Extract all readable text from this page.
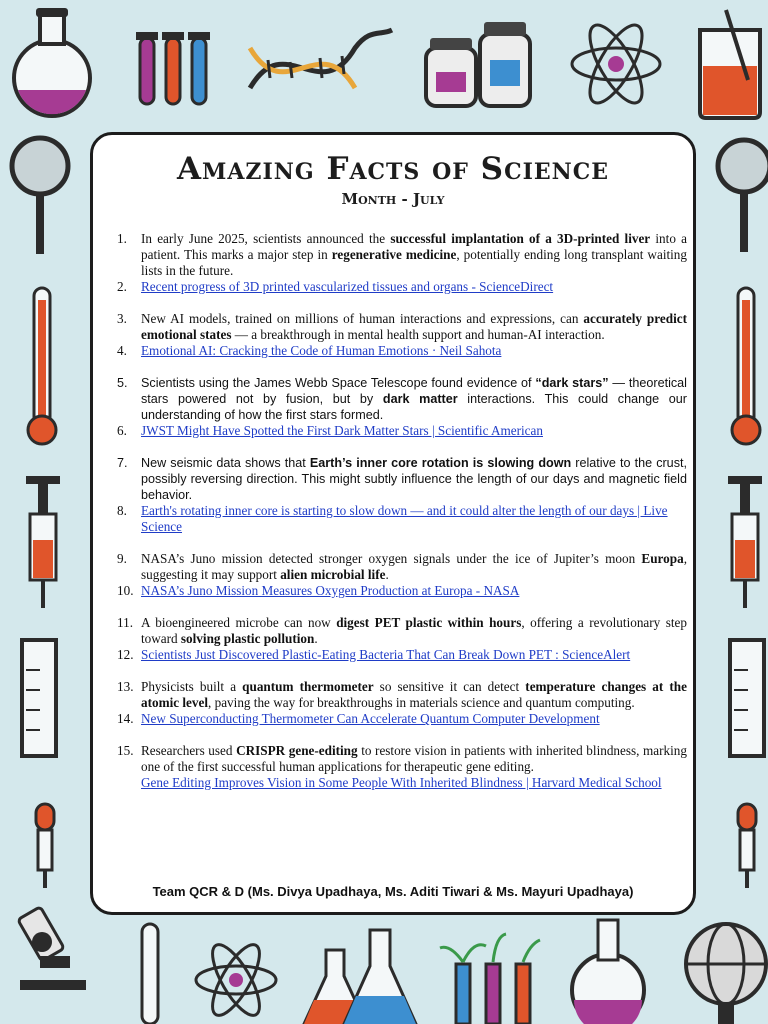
Amazing Facts of Science
Month - July
1. In early June 2025, scientists announced the successful implantation of a 3D-printed liver into a patient. This marks a major step in regenerative medicine, potentially ending long transplant waiting lists in the future.
2. Recent progress of 3D printed vascularized tissues and organs - ScienceDirect
3. New AI models, trained on millions of human interactions and expressions, can accurately predict emotional states — a breakthrough in mental health support and human-AI interaction.
4. Emotional AI: Cracking the Code of Human Emotions · Neil Sahota
5. Scientists using the James Webb Space Telescope found evidence of “dark stars” — theoretical stars powered not by fusion, but by dark matter interactions. This could change our understanding of how the first stars formed.
6. JWST Might Have Spotted the First Dark Matter Stars | Scientific American
7. New seismic data shows that Earth’s inner core rotation is slowing down relative to the crust, possibly reversing direction. This might subtly influence the length of our days and magnetic field behavior.
8. Earth's rotating inner core is starting to slow down — and it could alter the length of our days | Live Science
9. NASA’s Juno mission detected stronger oxygen signals under the ice of Jupiter’s moon Europa, suggesting it may support alien microbial life.
10. NASA’s Juno Mission Measures Oxygen Production at Europa - NASA
11. A bioengineered microbe can now digest PET plastic within hours, offering a revolutionary step toward solving plastic pollution.
12. Scientists Just Discovered Plastic-Eating Bacteria That Can Break Down PET : ScienceAlert
13. Physicists built a quantum thermometer so sensitive it can detect temperature changes at the atomic level, paving the way for breakthroughs in materials science and quantum computing.
14. New Superconducting Thermometer Can Accelerate Quantum Computer Development
15. Researchers used CRISPR gene-editing to restore vision in patients with inherited blindness, marking one of the first successful human applications for therapeutic gene editing.
Gene Editing Improves Vision in Some People With Inherited Blindness | Harvard Medical School
Team QCR & D (Ms. Divya Upadhaya, Ms. Aditi Tiwari & Ms. Mayuri Upadhaya)
